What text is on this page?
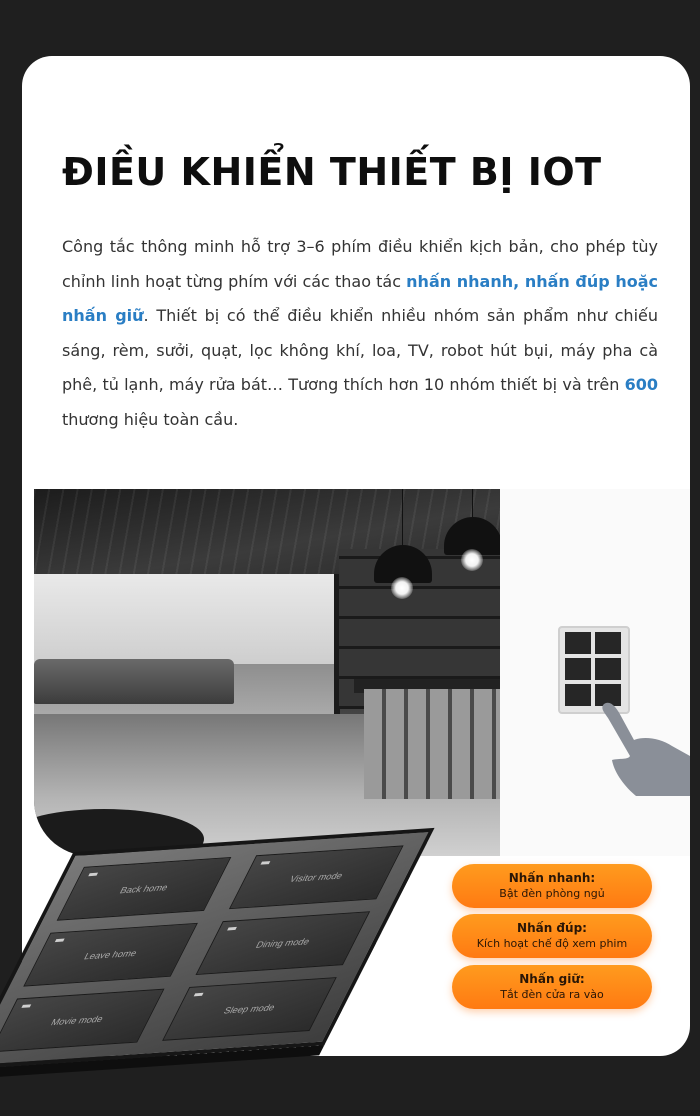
ĐIỀU KHIỂN THIẾT BỊ IOT

Công tắc thông minh hỗ trợ 3–6 phím điều khiển kịch bản, cho phép tùy chỉnh linh hoạt từng phím với các thao tác nhấn nhanh, nhấn đúp hoặc nhấn giữ. Thiết bị có thể điều khiển nhiều nhóm sản phẩm như chiếu sáng, rèm, sưởi, quạt, lọc không khí, loa, TV, robot hút bụi, máy pha cà phê, tủ lạnh, máy rửa bát… Tương thích hơn 10 nhóm thiết bị và trên 600 thương hiệu toàn cầu.

Nhấn nhanh:
Bật đèn phòng ngủ
Nhấn đúp:
Kích hoạt chế độ xem phim
Nhấn giữ:
Tắt đèn cửa ra vào
Back home
Visitor mode
Leave home
Dining mode
Movie mode
Sleep mode
